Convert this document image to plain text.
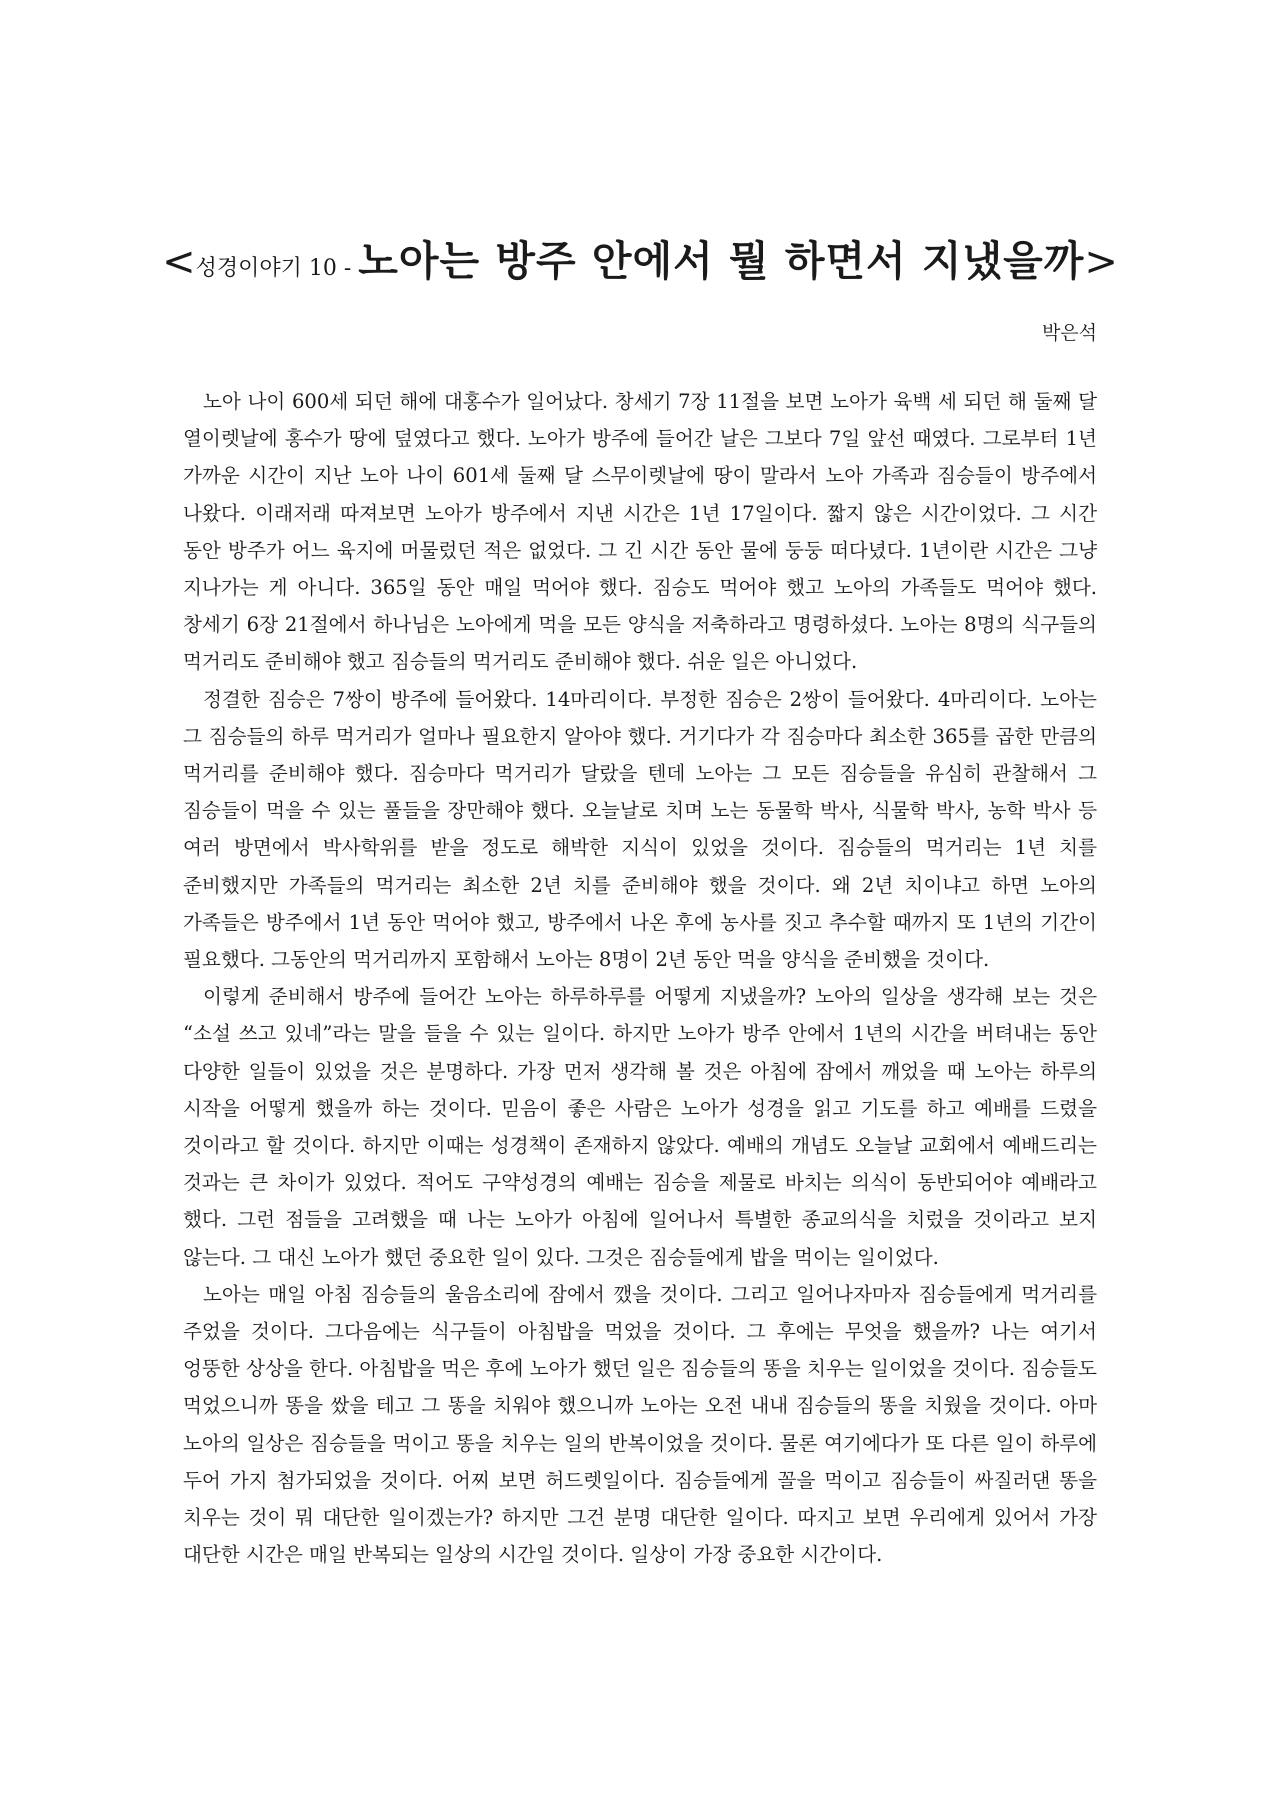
<성경이야기 10 - 노아는 방주 안에서 뭘 하면서 지냈을까>
박은석

노아 나이 600세 되던 해에 대홍수가 일어났다. 창세기 7장 11절을 보면 노아가 육백 세 되던 해 둘째 달 열이렛날에 홍수가 땅에 덮였다고 했다. 노아가 방주에 들어간 날은 그보다 7일 앞선 때였다. 그로부터 1년 가까운 시간이 지난 노아 나이 601세 둘째 달 스무이렛날에 땅이 말라서 노아 가족과 짐승들이 방주에서 나왔다. 이래저래 따져보면 노아가 방주에서 지낸 시간은 1년 17일이다. 짧지 않은 시간이었다. 그 시간 동안 방주가 어느 육지에 머물렀던 적은 없었다. 그 긴 시간 동안 물에 둥둥 떠다녔다. 1년이란 시간은 그냥 지나가는 게 아니다. 365일 동안 매일 먹어야 했다. 짐승도 먹어야 했고 노아의 가족들도 먹어야 했다. 창세기 6장 21절에서 하나님은 노아에게 먹을 모든 양식을 저축하라고 명령하셨다. 노아는 8명의 식구들의 먹거리도 준비해야 했고 짐승들의 먹거리도 준비해야 했다. 쉬운 일은 아니었다.

정결한 짐승은 7쌍이 방주에 들어왔다. 14마리이다. 부정한 짐승은 2쌍이 들어왔다. 4마리이다. 노아는 그 짐승들의 하루 먹거리가 얼마나 필요한지 알아야 했다. 거기다가 각 짐승마다 최소한 365를 곱한 만큼의 먹거리를 준비해야 했다. 짐승마다 먹거리가 달랐을 텐데 노아는 그 모든 짐승들을 유심히 관찰해서 그 짐승들이 먹을 수 있는 풀들을 장만해야 했다. 오늘날로 치며 노는 동물학 박사, 식물학 박사, 농학 박사 등 여러 방면에서 박사학위를 받을 정도로 해박한 지식이 있었을 것이다. 짐승들의 먹거리는 1년 치를 준비했지만 가족들의 먹거리는 최소한 2년 치를 준비해야 했을 것이다. 왜 2년 치이냐고 하면 노아의 가족들은 방주에서 1년 동안 먹어야 했고, 방주에서 나온 후에 농사를 짓고 추수할 때까지 또 1년의 기간이 필요했다. 그동안의 먹거리까지 포함해서 노아는 8명이 2년 동안 먹을 양식을 준비했을 것이다.

이렇게 준비해서 방주에 들어간 노아는 하루하루를 어떻게 지냈을까? 노아의 일상을 생각해 보는 것은 “소설 쓰고 있네”라는 말을 들을 수 있는 일이다. 하지만 노아가 방주 안에서 1년의 시간을 버텨내는 동안 다양한 일들이 있었을 것은 분명하다. 가장 먼저 생각해 볼 것은 아침에 잠에서 깨었을 때 노아는 하루의 시작을 어떻게 했을까 하는 것이다. 믿음이 좋은 사람은 노아가 성경을 읽고 기도를 하고 예배를 드렸을 것이라고 할 것이다. 하지만 이때는 성경책이 존재하지 않았다. 예배의 개념도 오늘날 교회에서 예배드리는 것과는 큰 차이가 있었다. 적어도 구약성경의 예배는 짐승을 제물로 바치는 의식이 동반되어야 예배라고 했다. 그런 점들을 고려했을 때 나는 노아가 아침에 일어나서 특별한 종교의식을 치렀을 것이라고 보지 않는다. 그 대신 노아가 했던 중요한 일이 있다. 그것은 짐승들에게 밥을 먹이는 일이었다.

노아는 매일 아침 짐승들의 울음소리에 잠에서 깼을 것이다. 그리고 일어나자마자 짐승들에게 먹거리를 주었을 것이다. 그다음에는 식구들이 아침밥을 먹었을 것이다. 그 후에는 무엇을 했을까? 나는 여기서 엉뚱한 상상을 한다. 아침밥을 먹은 후에 노아가 했던 일은 짐승들의 똥을 치우는 일이었을 것이다. 짐승들도 먹었으니까 똥을 쌌을 테고 그 똥을 치워야 했으니까 노아는 오전 내내 짐승들의 똥을 치웠을 것이다. 아마 노아의 일상은 짐승들을 먹이고 똥을 치우는 일의 반복이었을 것이다. 물론 여기에다가 또 다른 일이 하루에 두어 가지 첨가되었을 것이다. 어찌 보면 허드렛일이다. 짐승들에게 꼴을 먹이고 짐승들이 싸질러댄 똥을 치우는 것이 뭐 대단한 일이겠는가? 하지만 그건 분명 대단한 일이다. 따지고 보면 우리에게 있어서 가장 대단한 시간은 매일 반복되는 일상의 시간일 것이다. 일상이 가장 중요한 시간이다.
